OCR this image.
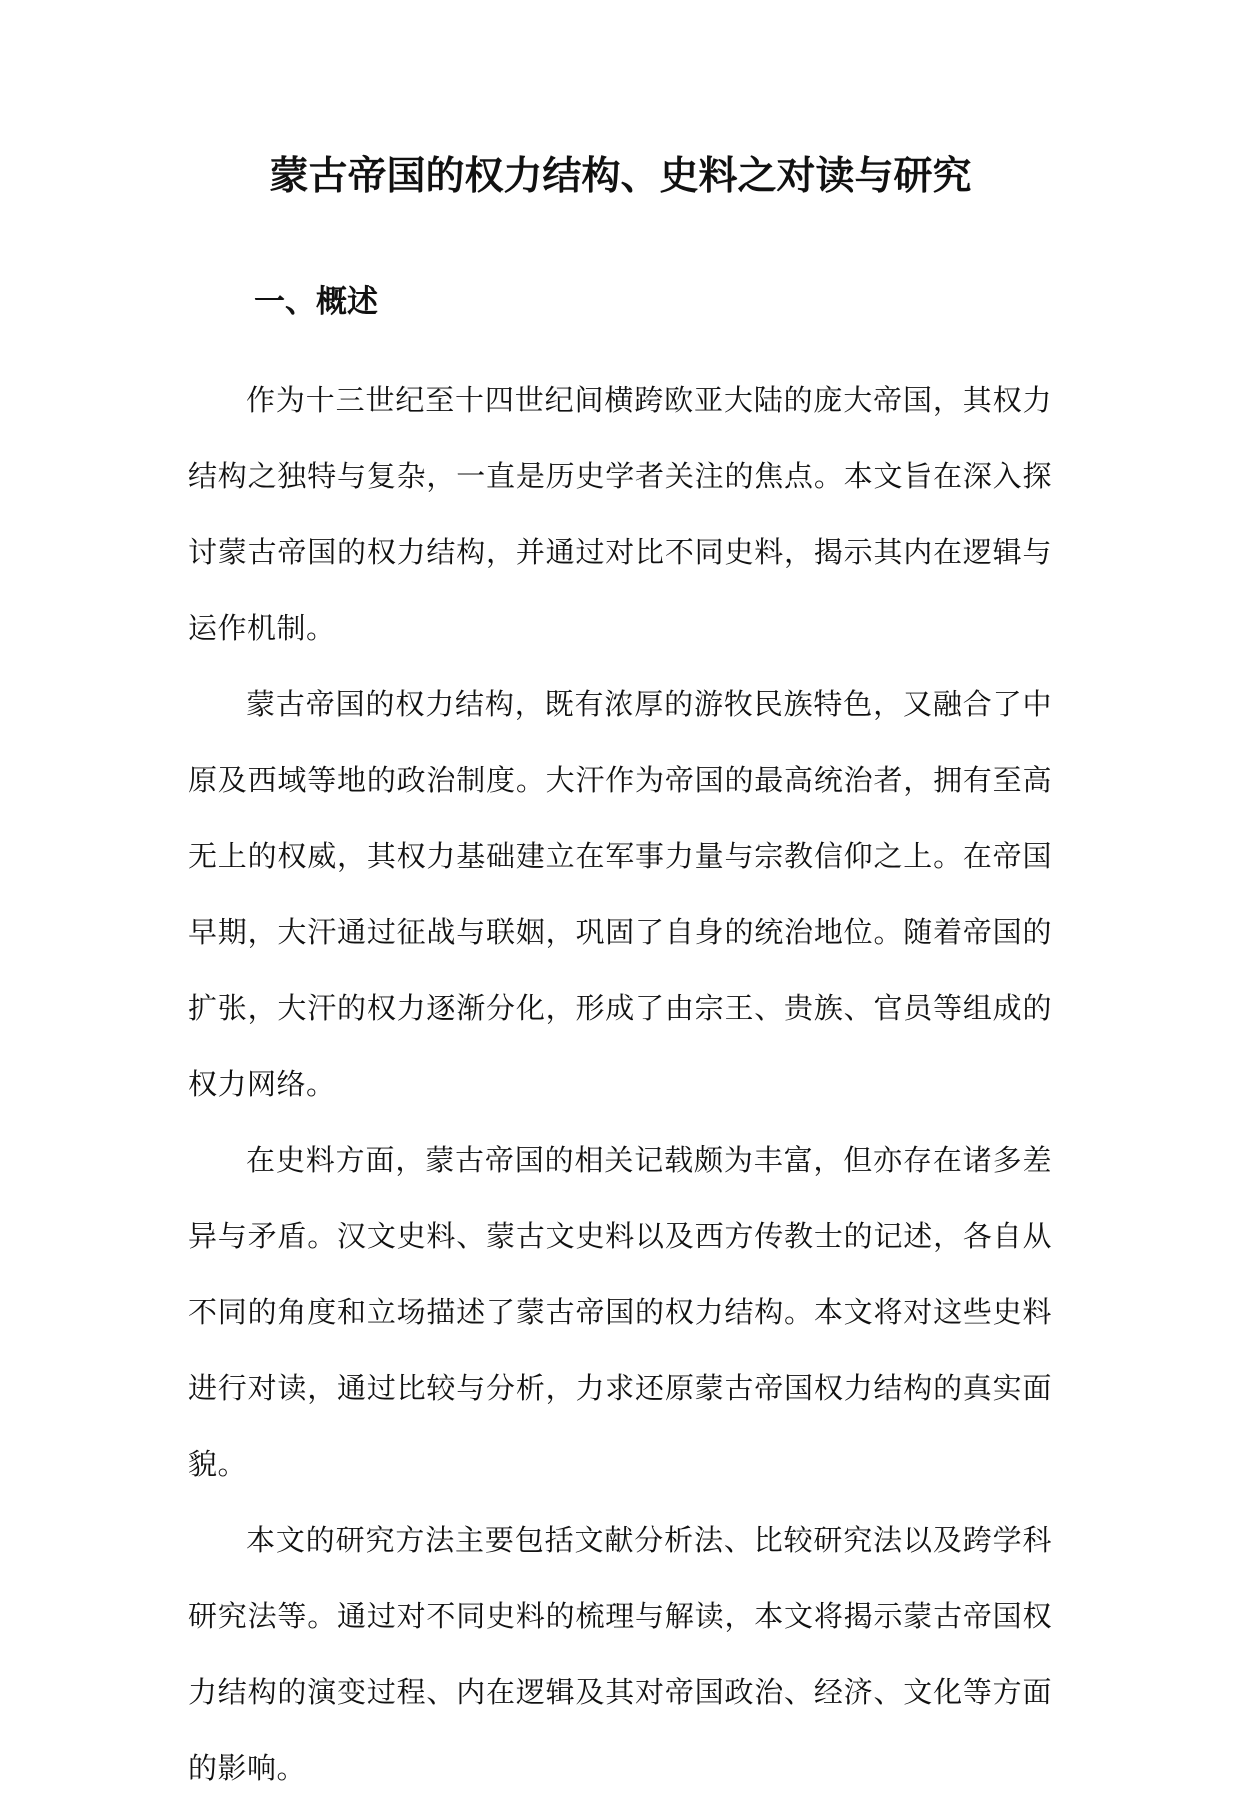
蒙古帝国的权力结构、史料之对读与研究
一、概述

作为十三世纪至十四世纪间横跨欧亚大陆的庞大帝国，其权力结构之独特与复杂，一直是历史学者关注的焦点。本文旨在深入探讨蒙古帝国的权力结构，并通过对比不同史料，揭示其内在逻辑与运作机制。

蒙古帝国的权力结构，既有浓厚的游牧民族特色，又融合了中原及西域等地的政治制度。大汗作为帝国的最高统治者，拥有至高无上的权威，其权力基础建立在军事力量与宗教信仰之上。在帝国早期，大汗通过征战与联姻，巩固了自身的统治地位。随着帝国的扩张，大汗的权力逐渐分化，形成了由宗王、贵族、官员等组成的权力网络。

在史料方面，蒙古帝国的相关记载颇为丰富，但亦存在诸多差异与矛盾。汉文史料、蒙古文史料以及西方传教士的记述，各自从不同的角度和立场描述了蒙古帝国的权力结构。本文将对这些史料进行对读，通过比较与分析，力求还原蒙古帝国权力结构的真实面貌。

本文的研究方法主要包括文献分析法、比较研究法以及跨学科研究法等。通过对不同史料的梳理与解读，本文将揭示蒙古帝国权力结构的演变过程、内在逻辑及其对帝国政治、经济、文化等方面的影响。
